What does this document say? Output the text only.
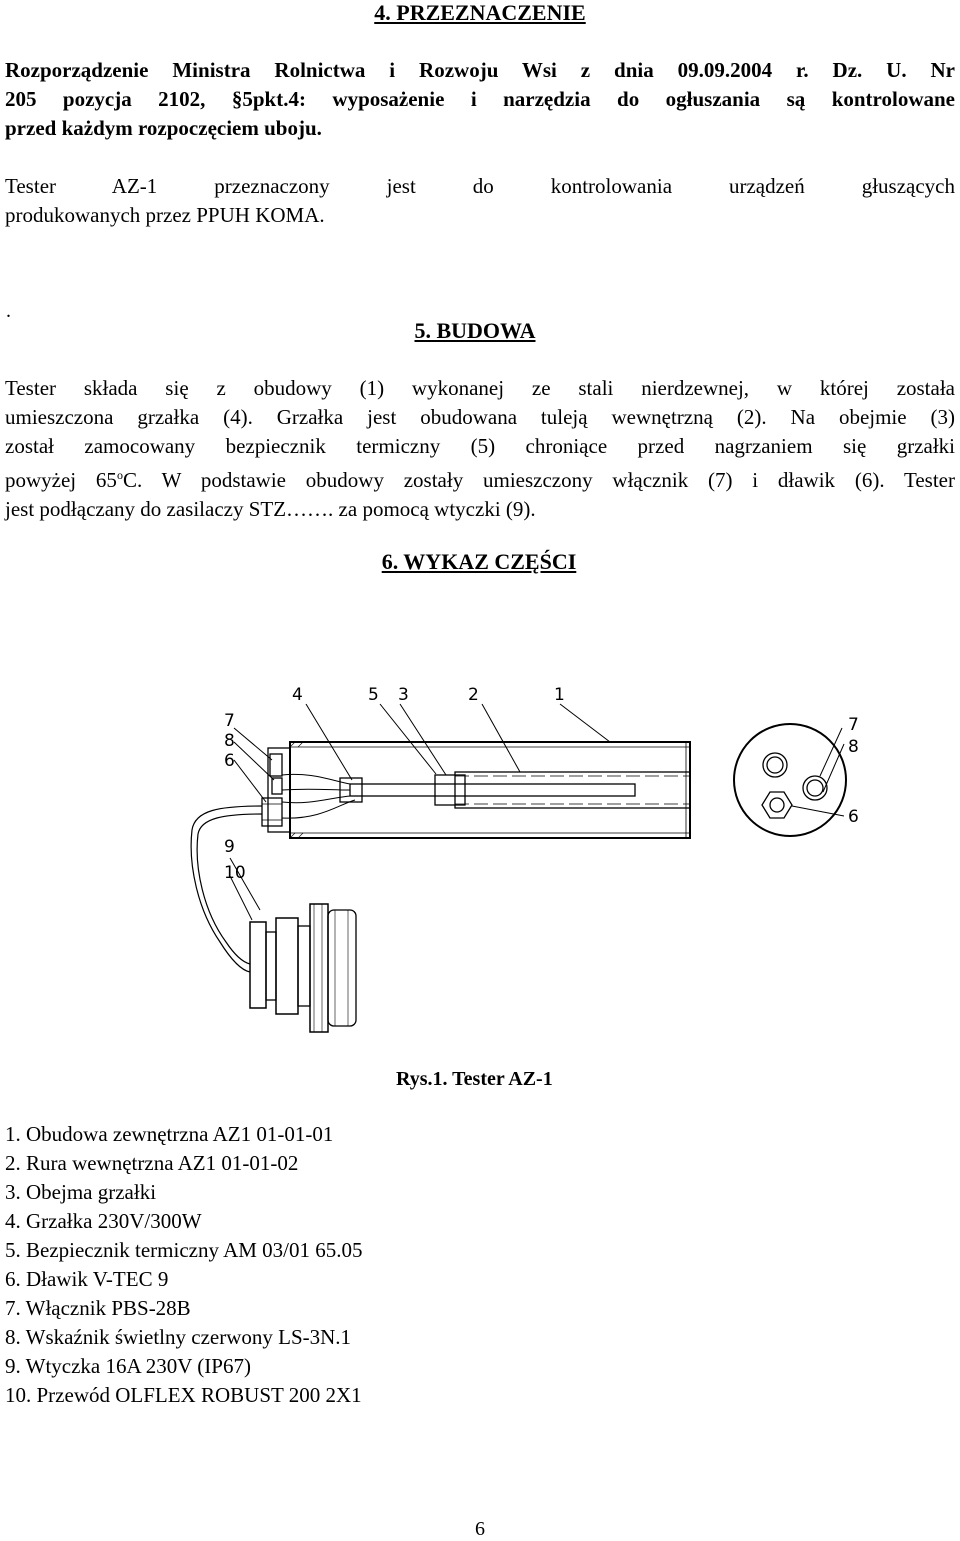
4. PRZEZNACZENIE
Rozporządzenie Ministra Rolnictwa i Rozwoju Wsi z dnia 09.09.2004 r. Dz. U. Nr
205 pozycja 2102, §5pkt.4: wyposażenie i narzędzia do ogłuszania są kontrolowane
przed każdym rozpoczęciem uboju.
Tester AZ-1 przeznaczony jest do kontrolowania urządzeń głuszących
produkowanych przez PPUH KOMA.
.
5. BUDOWA
Tester składa się z obudowy (1) wykonanej ze stali nierdzewnej, w której została
umieszczona grzałka (4). Grzałka jest obudowana tuleją wewnętrzną (2). Na obejmie (3)
został zamocowany bezpiecznik termiczny (5) chroniące przed nagrzaniem się grzałki
powyżej 65$^o$C. W podstawie obudowy zostały umieszczony włącznik (7) i dławik (6). Tester
jest podłączany do zasilaczy STZ……. za pomocą wtyczki (9).
6. WYKAZ CZĘŚCI
4	5 3	2	1
7
8
6
9
10
7
8
6
Rys.1. Tester AZ-1
1. Obudowa zewnętrzna AZ1 01-01-01
2. Rura wewnętrzna AZ1 01-01-02
3. Obejma grzałki
4. Grzałka 230V/300W
5. Bezpiecznik termiczny AM 03/01 65.05
6. Dławik V-TEC 9
7. Włącznik PBS-28B
8. Wskaźnik świetlny czerwony LS-3N.1
9. Wtyczka 16A 230V (IP67)
10. Przewód OLFLEX ROBUST 200 2X1
6
